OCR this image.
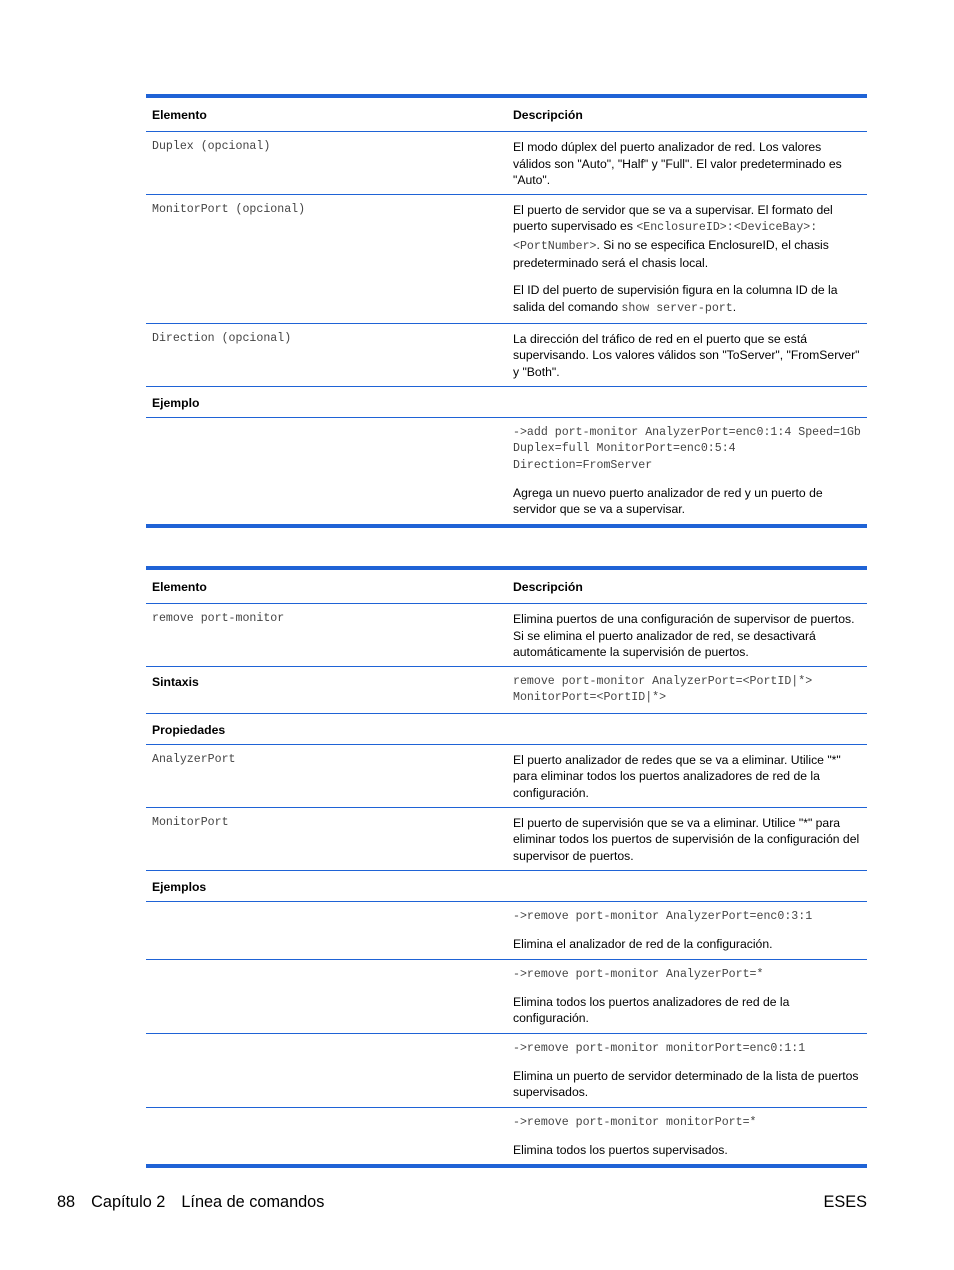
Elemento	Descripción
Duplex (opcional)	El modo dúplex del puerto analizador de red. Los valores válidos son "Auto", "Half" y "Full". El valor predeterminado es "Auto".
MonitorPort (opcional)	El puerto de servidor que se va a supervisar. El formato del puerto supervisado es <EnclosureID>:<DeviceBay>:<PortNumber>. Si no se especifica EnclosureID, el chasis predeterminado será el chasis local.

El ID del puerto de supervisión figura en la columna ID de la salida del comando show server-port.

Direction (opcional)	La dirección del tráfico de red en el puerto que se está supervisando. Los valores válidos son "ToServer", "FromServer" y "Both".
Ejemplo	

	->add port-monitor AnalyzerPort=enc0:1:4 Speed=1Gb Duplex=full MonitorPort=enc0:5:4 Direction=FromServer

Agrega un nuevo puerto analizador de red y un puerto de servidor que se va a supervisar.

Elemento	Descripción
remove port-monitor	Elimina puertos de una configuración de supervisor de puertos. Si se elimina el puerto analizador de red, se desactivará automáticamente la supervisión de puertos.
Sintaxis	remove port-monitor AnalyzerPort=<PortID|*> MonitorPort=<PortID|*>
Propiedades	
AnalyzerPort	El puerto analizador de redes que se va a eliminar. Utilice "*" para eliminar todos los puertos analizadores de red de la configuración.
MonitorPort	El puerto de supervisión que se va a eliminar. Utilice "*" para eliminar todos los puertos de supervisión de la configuración del supervisor de puertos.
Ejemplos	

	->remove port-monitor AnalyzerPort=enc0:3:1

Elimina el analizador de red de la configuración.

	->remove port-monitor AnalyzerPort=*

Elimina todos los puertos analizadores de red de la configuración.

	->remove port-monitor monitorPort=enc0:1:1

Elimina un puerto de servidor determinado de la lista de puertos supervisados.

	->remove port-monitor monitorPort=*

Elimina todos los puertos supervisados.

88 Capítulo 2 Línea de comandos	ESES
